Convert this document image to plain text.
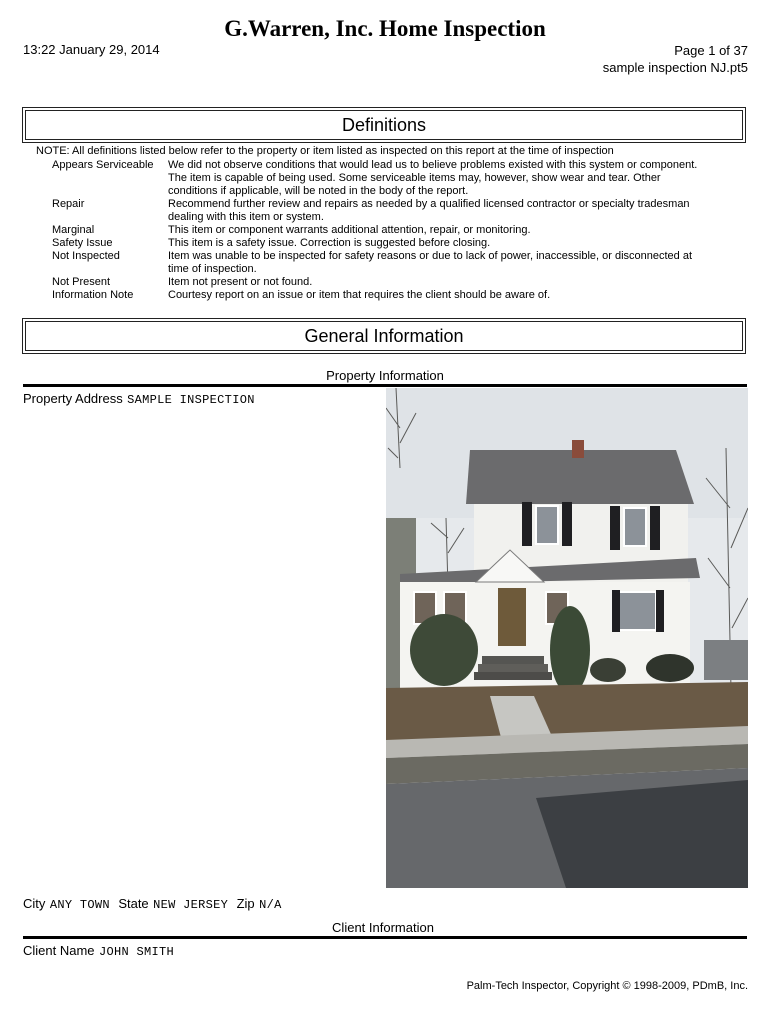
G.Warren, Inc. Home Inspection
13:22 January 29, 2014	Page 1 of 37
sample inspection NJ.pt5
Definitions
NOTE: All definitions listed below refer to the property or item listed as inspected on this report at the time of inspection
Appears Serviceable	We did not observe conditions that would lead us to believe problems existed with this system or component.
The item is capable of being used. Some serviceable items may, however, show wear and tear. Other
conditions if applicable, will be noted in the body of the report.
Repair	Recommend further review and repairs as needed by a qualified licensed contractor or specialty tradesman
dealing with this item or system.
Marginal	This item or component warrants additional attention, repair, or monitoring.
Safety Issue	This item is a safety issue. Correction is suggested before closing.
Not Inspected	Item was unable to be inspected for safety reasons or due to lack of power, inaccessible, or disconnected at
time of inspection.
Not Present	Item not present or not found.
Information Note	Courtesy report on an issue or item that requires the client should be aware of.
General Information
Property Information
Property Address SAMPLE INSPECTION
City ANY TOWN State NEW JERSEY Zip N/A
Client Information
Client Name JOHN SMITH
Palm-Tech Inspector, Copyright © 1998-2009, PDmB, Inc.
